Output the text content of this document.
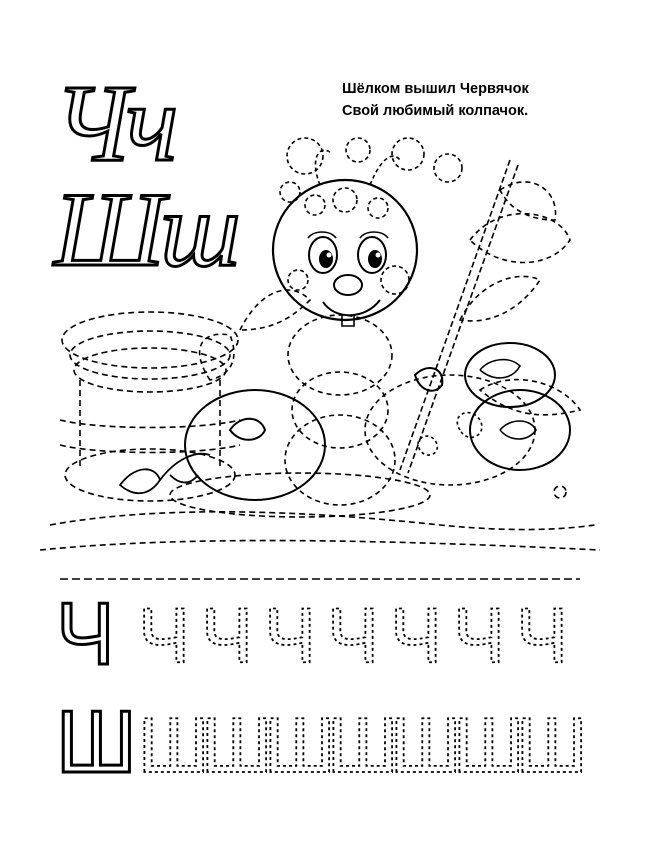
Чч
Шш
Шёлком вышил Червячок
Свой любимый колпачок.
Ч Ч Ч Ч Ч Ч Ч Ч
Ш Ш
Ш
Ш
Ш
Ш
Ш
Ш
